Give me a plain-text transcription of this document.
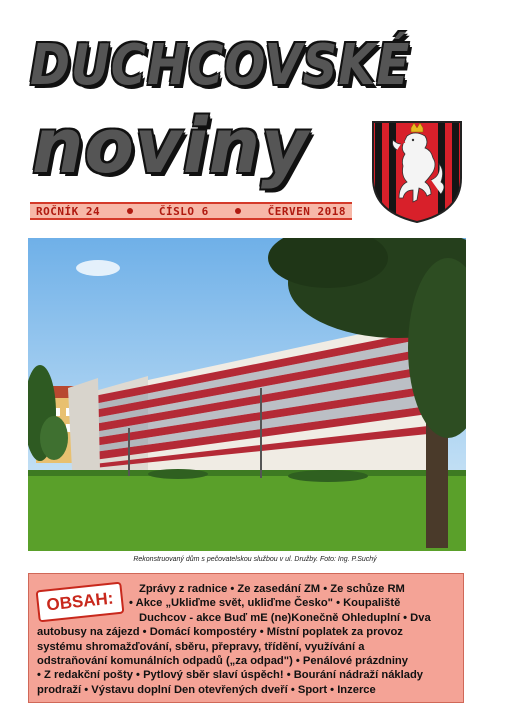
DUCHCOVSKÉ
noviny
ROČNÍK 24	ČÍSLO 6	ČERVEN 2018
Rekonstruovaný dům s pečovatelskou službou v ul. Družby. Foto: Ing. P.Suchý
OBSAH:	Zprávy z radnice • Ze zasedání ZM • Ze schůze RM
• Akce „Ukliďme svět, ukliďme Česko" • Koupaliště
Duchcov - akce Buď mE (ne)Konečně Ohleduplní • Dva
autobusy na zájezd • Domácí kompostéry • Místní poplatek za provoz
systému shromažďování, sběru, přepravy, třídění, využívání a
odstraňování komunálních odpadů („za odpad") • Penálové prázdniny
• Z redakční pošty • Pytlový sběr slaví úspěch! • Bourání nádraží náklady
prodraží • Výstavu doplní Den otevřených dveří • Sport • Inzerce
